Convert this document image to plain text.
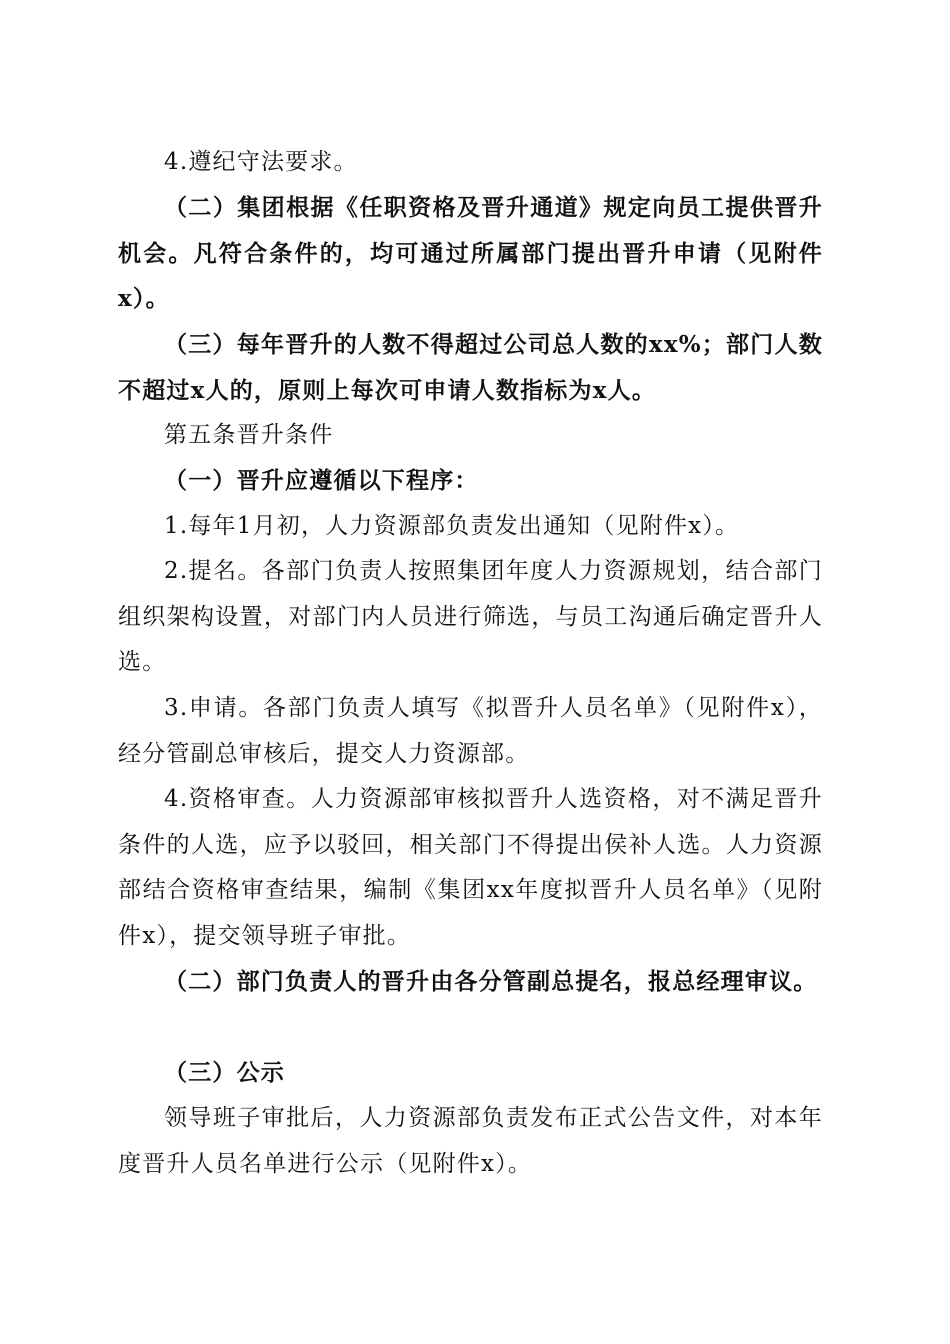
4.遵纪守法要求。

（二）集团根据《任职资格及晋升通道》规定向员工提供晋升机会。凡符合条件的，均可通过所属部门提出晋升申请（见附件x）。

（三）每年晋升的人数不得超过公司总人数的xx%；部门人数不超过x人的，原则上每次可申请人数指标为x人。

第五条晋升条件

（一）晋升应遵循以下程序：

1.每年1月初，人力资源部负责发出通知（见附件x）。

2.提名。各部门负责人按照集团年度人力资源规划，结合部门组织架构设置，对部门内人员进行筛选，与员工沟通后确定晋升人选。

3.申请。各部门负责人填写《拟晋升人员名单》（见附件x），经分管副总审核后，提交人力资源部。

4.资格审查。人力资源部审核拟晋升人选资格，对不满足晋升条件的人选，应予以驳回，相关部门不得提出侯补人选。人力资源部结合资格审查结果，编制《集团xx年度拟晋升人员名单》（见附件x），提交领导班子审批。

（二）部门负责人的晋升由各分管副总提名，报总经理审议。

（三）公示

领导班子审批后，人力资源部负责发布正式公告文件，对本年度晋升人员名单进行公示（见附件x）。
